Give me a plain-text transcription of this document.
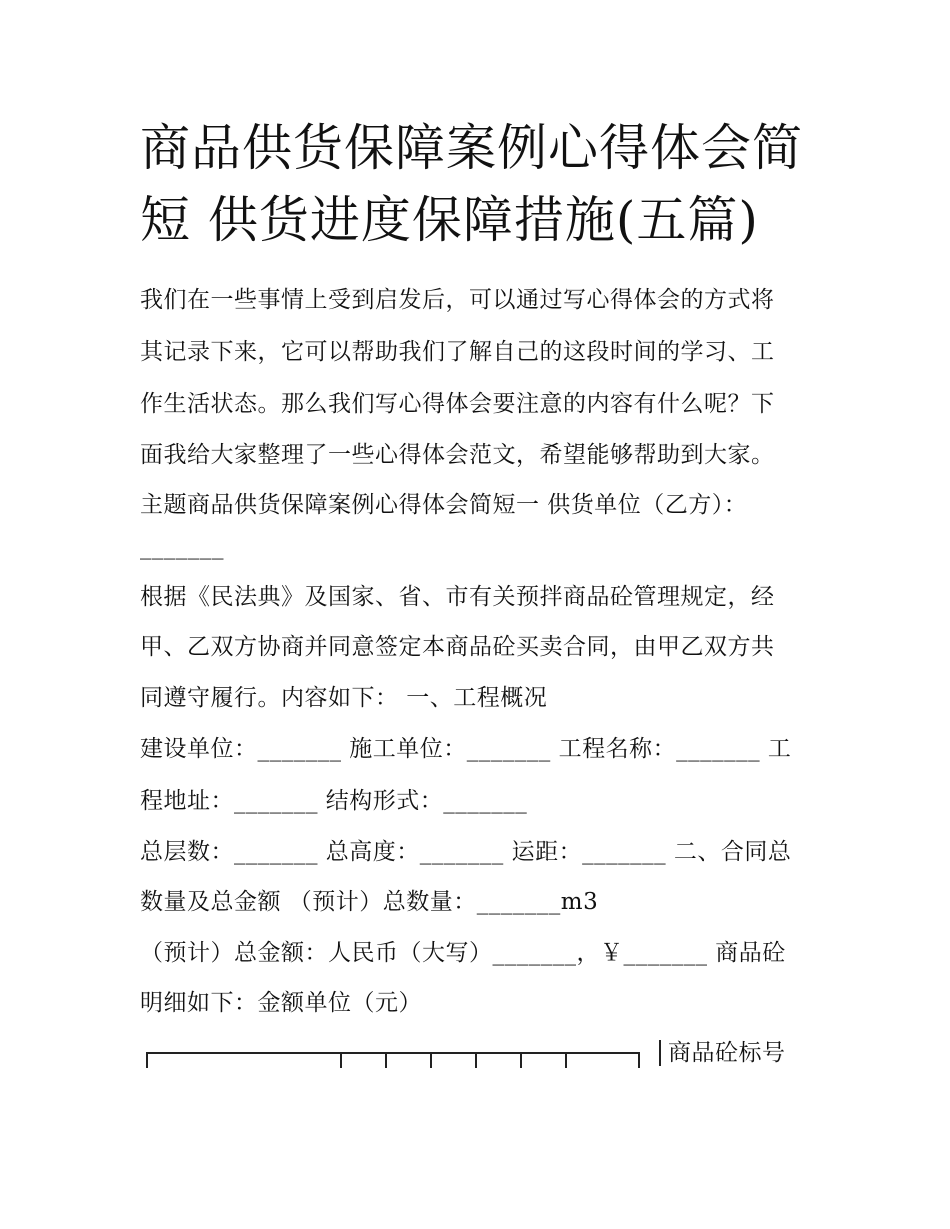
商品供货保障案例心得体会简
短 供货进度保障措施(五篇)
我们在一些事情上受到启发后，可以通过写心得体会的方式将
其记录下来，它可以帮助我们了解自己的这段时间的学习、工
作生活状态。那么我们写心得体会要注意的内容有什么呢？下
面我给大家整理了一些心得体会范文，希望能够帮助到大家。
主题商品供货保障案例心得体会简短一 供货单位（乙方）：
_______
根据《民法典》及国家、省、市有关预拌商品砼管理规定，经
甲、乙双方协商并同意签定本商品砼买卖合同，由甲乙双方共
同遵守履行。内容如下： 一、工程概况
建设单位：_______ 施工单位：_______ 工程名称：_______ 工
程地址：_______ 结构形式：_______
总层数：_______ 总高度：_______ 运距：_______ 二、合同总
数量及总金额 （预计）总数量：_______m3
（预计）总金额：人民币（大写）_______，￥_______ 商品砼
明细如下：金额单位（元）
商品砼标号
